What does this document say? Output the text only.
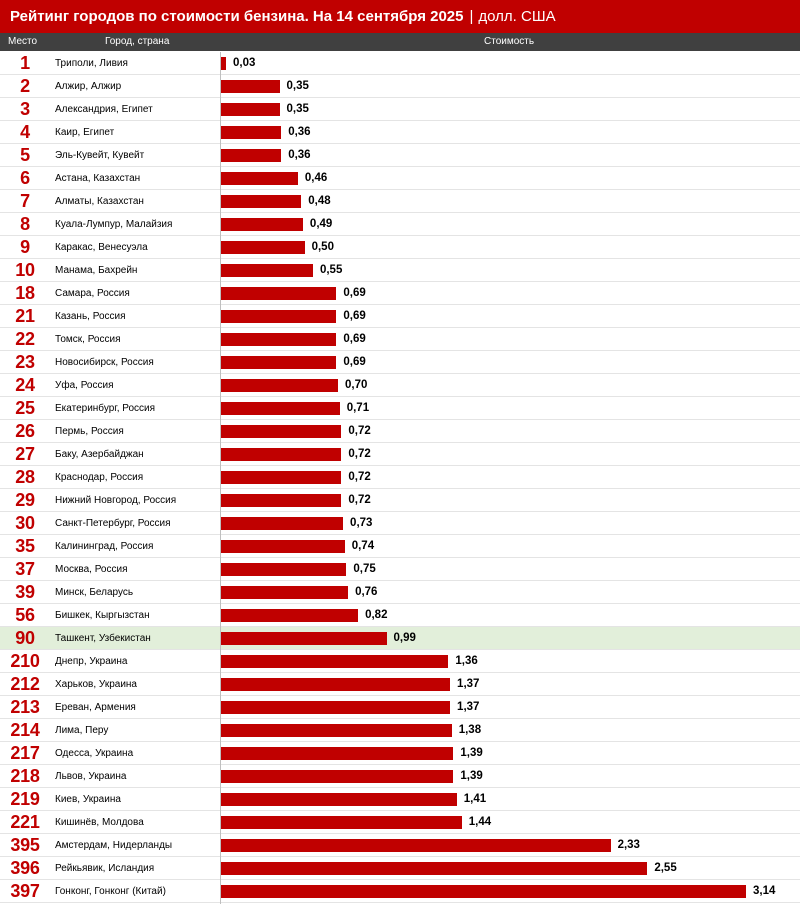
Рейтинг городов по стоимости бензина. На 14 сентября 2025 | долл. США
Место	Город, страна	Стоимость
1	Триполи, Ливия	0,03
2	Алжир, Алжир	0,35
3	Александрия, Египет	0,35
4	Каир, Египет	0,36
5	Эль-Кувейт, Кувейт	0,36
6	Астана, Казахстан	0,46
7	Алматы, Казахстан	0,48
8	Куала-Лумпур, Малайзия	0,49
9	Каракас, Венесуэла	0,50
10	Манама, Бахрейн	0,55
18	Самара, Россия	0,69
21	Казань, Россия	0,69
22	Томск, Россия	0,69
23	Новосибирск, Россия	0,69
24	Уфа, Россия	0,70
25	Екатеринбург, Россия	0,71
26	Пермь, Россия	0,72
27	Баку, Азербайджан	0,72
28	Краснодар, Россия	0,72
29	Нижний Новгород, Россия	0,72
30	Санкт-Петербург, Россия	0,73
35	Калининград, Россия	0,74
37	Москва, Россия	0,75
39	Минск, Беларусь	0,76
56	Бишкек, Кыргызстан	0,82
90	Ташкент, Узбекистан	0,99
210	Днепр, Украина	1,36
212	Харьков, Украина	1,37
213	Ереван, Армения	1,37
214	Лима, Перу	1,38
217	Одесса, Украина	1,39
218	Львов, Украина	1,39
219	Киев, Украина	1,41
221	Кишинёв, Молдова	1,44
395	Амстердам, Нидерланды	2,33
396	Рейкьявик, Исландия	2,55
397	Гонконг, Гонконг (Китай)	3,14
